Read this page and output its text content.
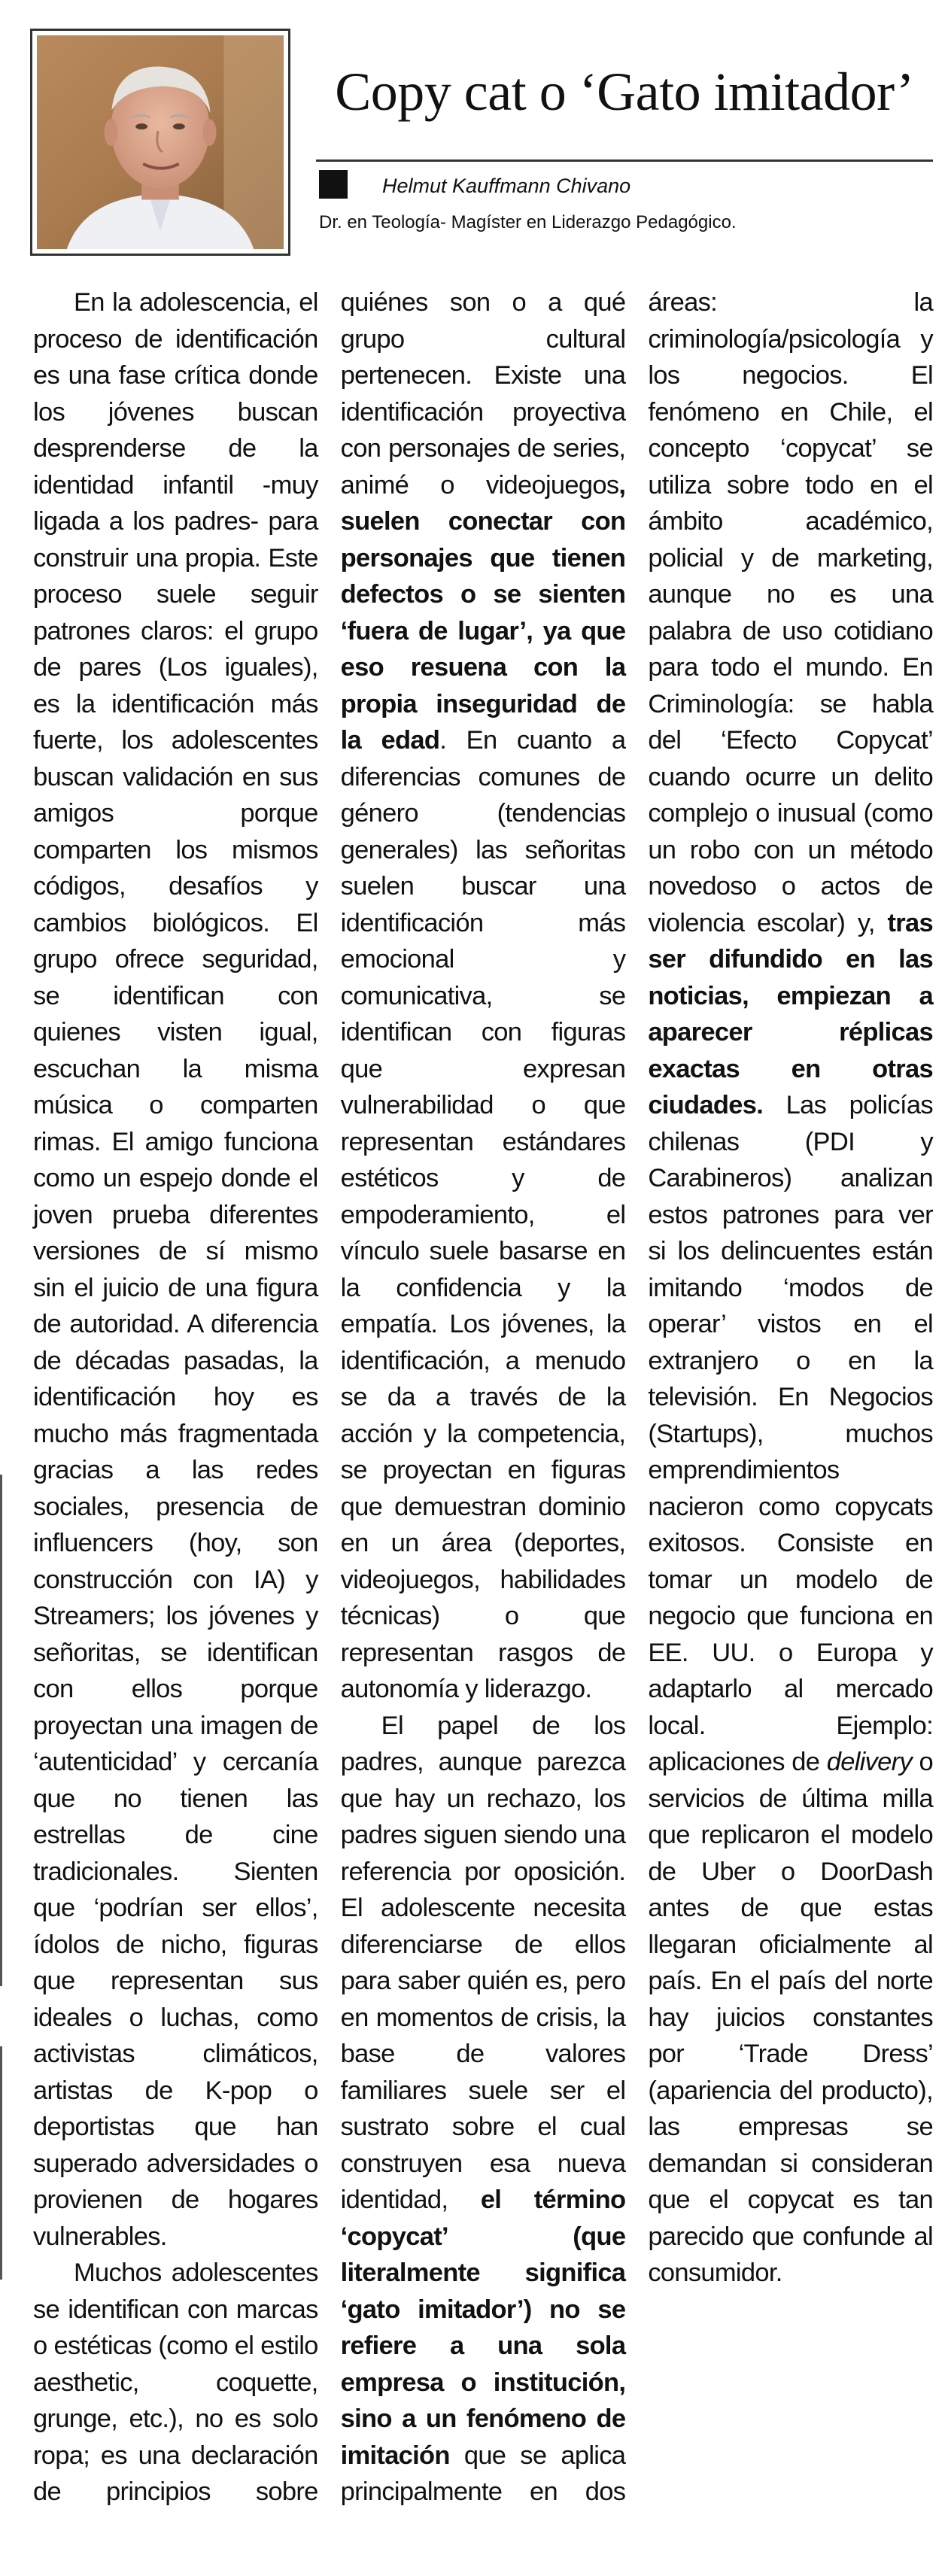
Copy cat o ‘Gato imitador’
Helmut Kauffmann Chivano
Dr. en Teología- Magíster en Liderazgo Pedagógico.

En la adolescencia, el proceso de identificación es una fase crítica donde los jóvenes buscan desprenderse de la identidad infantil -muy ligada a los padres- para construir una propia. Este proceso suele seguir patrones claros: el grupo de pares (Los iguales), es la identificación más fuerte, los adolescentes buscan validación en sus amigos porque comparten los mismos códigos, desafíos y cambios biológicos. El grupo ofrece seguridad, se identifican con quienes visten igual, escuchan la misma música o comparten rimas. El amigo funciona como un espejo donde el joven prueba diferentes versiones de sí mismo sin el juicio de una figura de autoridad. A diferencia de décadas pasadas, la identificación hoy es mucho más fragmentada gracias a las redes sociales, presencia de influencers (hoy, son construcción con IA) y Streamers; los jóvenes y señoritas, se identifican con ellos porque proyectan una imagen de ‘autenticidad’ y cercanía que no tienen las estrellas de cine tradicionales. Sienten que ‘podrían ser ellos’, ídolos de nicho, figuras que representan sus ideales o luchas, como activistas climáticos, artistas de K-pop o deportistas que han superado adversidades o provienen de hogares vulnerables.

Muchos adolescentes se identifican con marcas o estéticas (como el estilo aesthetic, coquette, grunge, etc.), no es solo ropa; es una declaración de principios sobre quiénes son o a qué grupo cultural pertenecen. Existe una identificación proyectiva con personajes de series, animé o videojuegos, suelen conectar con personajes que tienen defectos o se sienten ‘fuera de lugar’, ya que eso resuena con la propia inseguridad de la edad. En cuanto a diferencias comunes de género (tendencias generales) las señoritas suelen buscar una identificación más emocional y comunicativa, se identifican con figuras que expresan vulnerabilidad o que representan estándares estéticos y de empoderamiento, el vínculo suele basarse en la confidencia y la empatía. Los jóvenes, la identificación, a menudo se da a través de la acción y la competencia, se proyectan en figuras que demuestran dominio en un área (deportes, videojuegos, habilidades técnicas) o que representan rasgos de autonomía y liderazgo.

El papel de los padres, aunque parezca que hay un rechazo, los padres siguen siendo una referencia por oposición. El adolescente necesita diferenciarse de ellos para saber quién es, pero en momentos de crisis, la base de valores familiares suele ser el sustrato sobre el cual construyen esa nueva identidad, el término ‘copycat’ (que literalmente significa ‘gato imitador’) no se refiere a una sola empresa o institución, sino a un fenómeno de imitación que se aplica principalmente en dos áreas: la criminología/psicología y los negocios. El fenómeno en Chile, el concepto ‘copycat’ se utiliza sobre todo en el ámbito académico, policial y de marketing, aunque no es una palabra de uso cotidiano para todo el mundo. En Criminología: se habla del ‘Efecto Copycat’ cuando ocurre un delito complejo o inusual (como un robo con un método novedoso o actos de violencia escolar) y, tras ser difundido en las noticias, empiezan a aparecer réplicas exactas en otras ciudades. Las policías chilenas (PDI y Carabineros) analizan estos patrones para ver si los delincuentes están imitando ‘modos de operar’ vistos en el extranjero o en la televisión. En Negocios (Startups), muchos emprendimientos nacieron como copycats exitosos. Consiste en tomar un modelo de negocio que funciona en EE. UU. o Europa y adaptarlo al mercado local. Ejemplo: aplicaciones de delivery o servicios de última milla que replicaron el modelo de Uber o DoorDash antes de que estas llegaran oficialmente al país. En el país del norte hay juicios constantes por ‘Trade Dress’ (apariencia del producto), las empresas se demandan si consideran que el copycat es tan parecido que confunde al consumidor.
